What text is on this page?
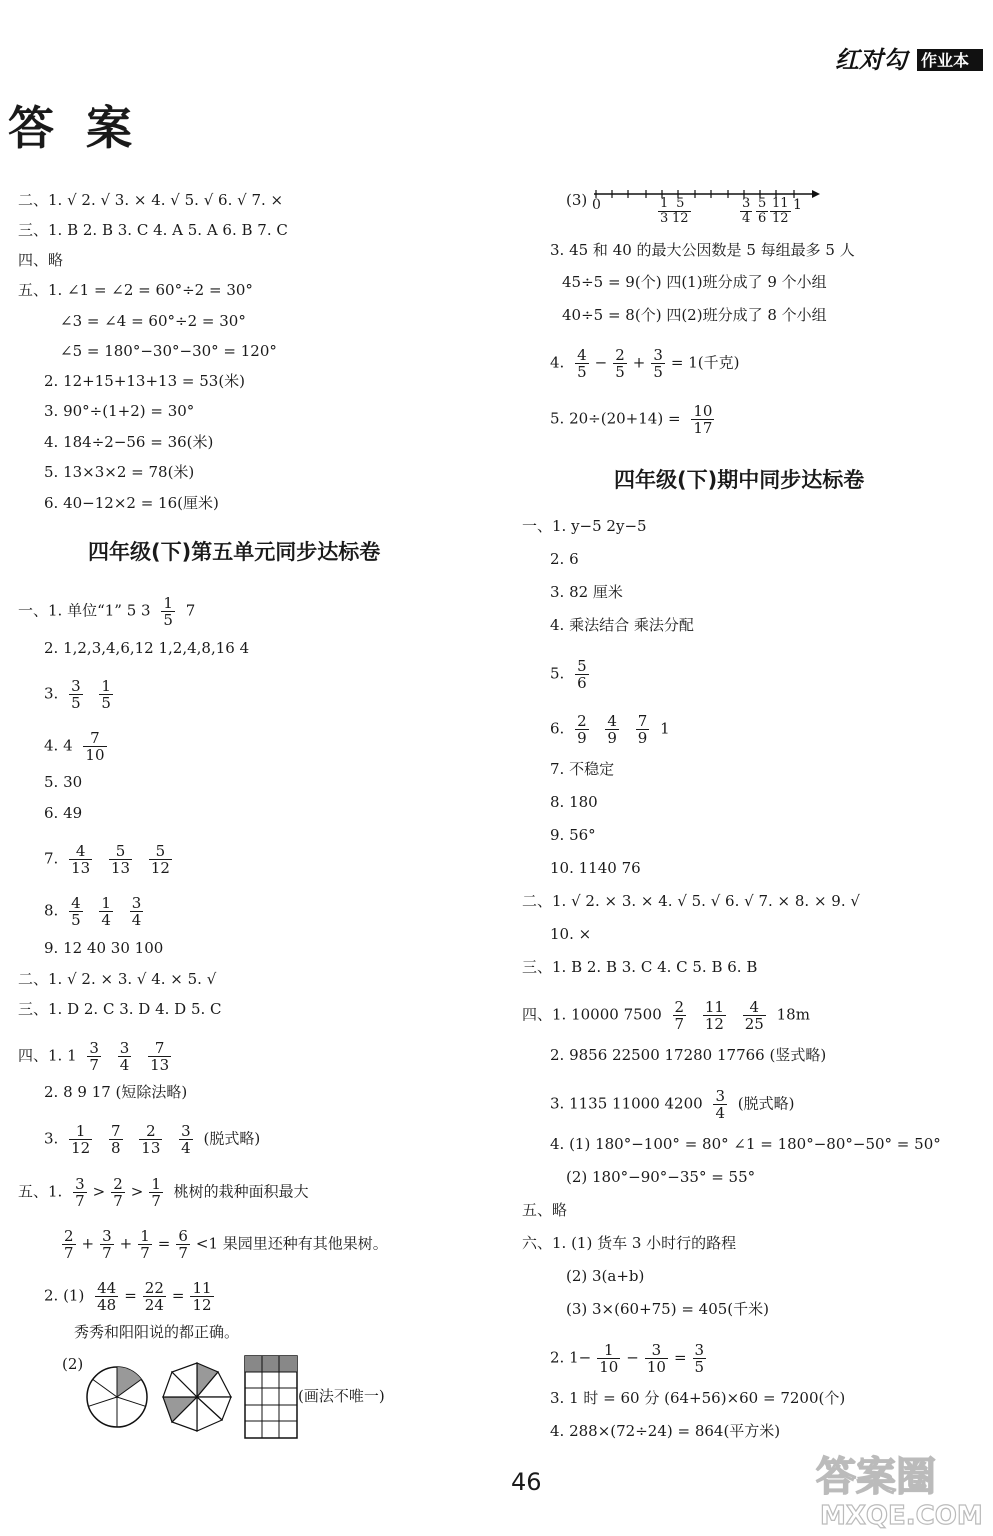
红对勾 作业本
答 案
二、1. √ 2. √ 3. × 4. √ 5. √ 6. √ 7. ×
三、1. B 2. B 3. C 4. A 5. A 6. B 7. C
四、略
五、1. ∠1 = ∠2 = 60°÷2 = 30°
∠3 = ∠4 = 60°÷2 = 30°
∠5 = 180°−30°−30° = 120°
2. 12+15+13+13 = 53(米)
3. 90°÷(1+2) = 30°
4. 184÷2−56 = 36(米)
5. 13×3×2 = 78(米)
6. 40−12×2 = 16(厘米)
四年级(下)第五单元同步达标卷
一、1. 单位“1” 5 $3 \frac{1}{5} 7$
2. 1,2,3,4,6,12 1,2,4,8,16 4
3. $\frac{3}{5}$
$\frac{1}{5}$
4. $4 \frac{7}{10}$
5. 30
6. 49
7. $\frac{4}{13}$
$\frac{5}{13}$
$\frac{5}{12}$
8. $\frac{4}{5}$
$\frac{1}{4}$
$\frac{3}{4}$
9. 12 40 30 100
二、1. √ 2. × 3. √ 4. × 5. √
三、1. D 2. C 3. D 4. D 5. C
四、1. $1 \frac{3}{7}$
$\frac{3}{4}$
$\frac{7}{13}$
2. 8 9 17 (短除法略)
3. $\frac{1}{12}$
$\frac{7}{8}$
$\frac{2}{13}$
$\frac{3}{4}$ (脱式略)
五、1. $\frac{3}{7} > \frac{2}{7} > \frac{1}{7}$ 桃树的栽种面积最大
$\frac{2}{7} + \frac{3}{7} + \frac{1}{7} = \frac{6}{7} <1$ 果园里还种有其他果树。
2. $(1) \frac{44}{48} = \frac{22}{24} = \frac{11}{12}$
秀秀和阳阳说的都正确。
(2)
(画法不唯一)
(3) 0	$\frac{1}{3} \frac{5}{12}$	$\frac{3}{4} \frac{5}{6} \frac{11}{12} 1$
3. 45 和 40 的最大公因数是 5 每组最多 5 人
45÷5 = 9(个) 四(1)班分成了 9 个小组
40÷5 = 8(个) 四(2)班分成了 8 个小组
4. $\frac{4}{5} - \frac{2}{5} + \frac{3}{5} = 1$(千克)
5. $20\div(20+14) = \frac{10}{17}$
四年级(下)期中同步达标卷
一、1. y−5 2y−5
2. 6
3. 82 厘米
4. 乘法结合 乘法分配
5. $\frac{5}{6}$
6. $\frac{2}{9}$
$\frac{4}{9}$
$\frac{7}{9} 1$
7. 不稳定
8. 180
9. 56°
10. 1140 76
二、1. √ 2. × 3. × 4. √ 5. √ 6. √ 7. × 8. × 9. √
10. ×
三、1. B 2. B 3. C 4. C 5. B 6. B
四、1. 10000 $7500 \frac{2}{7}$
$\frac{11}{12}$
$\frac{4}{25} 18m$
2. 9856 22500 17280 17766 (竖式略)
3. 1135 11000 $4200 \frac{3}{4}$ (脱式略)
4. (1) 180°−100° = 80° ∠1 = 180°−80°−50° = 50°
(2) 180°−90°−35° = 55°
五、略
六、1. (1) 货车 3 小时行的路程
(2) 3(a+b)
(3) 3×(60+75) = 405(千米)
2. $1- \frac{1}{10} - \frac{3}{10} = \frac{3}{5}$
3. 1 时 = 60 分 (64+56)×60 = 7200(个)
4. 288×(72÷24) = 864(平方米)
46	答案圈
MXQE.COM
